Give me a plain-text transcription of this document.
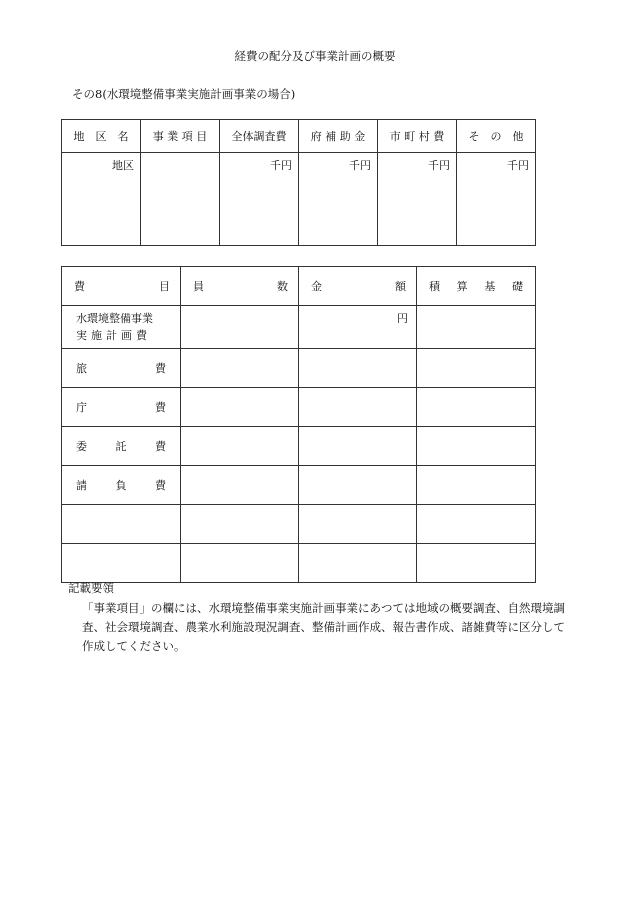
経費の配分及び事業計画の概要
その8(水環境整備事業実施計画事業の場合)
地　区　名	事 業 項 目	全体調査費	府 補 助 金	市 町 村 費	そ　の　他

地区		千円	千円	千円	千円
費 目	員 数	金 額	積 算 基 礎

水環境整備事業
実施計画費		円	

旅 費			

庁 費			

委 託 費			

請 負 費			

記載要領
「事業項目」の欄には、水環境整備事業実施計画事業にあつては地域の概要調査、自然環境調査、社会環境調査、農業水利施設現況調査、整備計画作成、報告書作成、諸雑費等に区分して作成してください。
